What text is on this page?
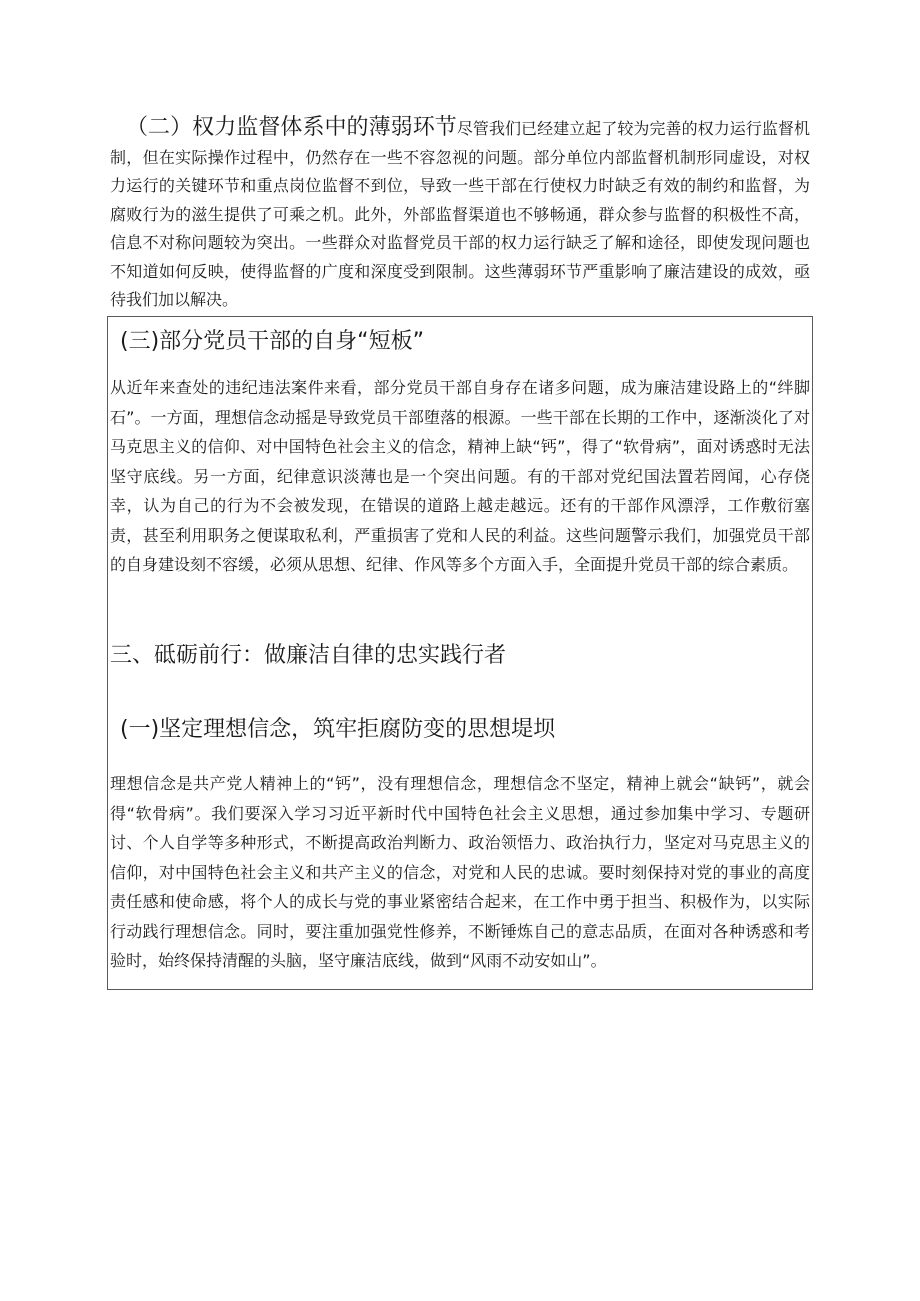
（二）权力监督体系中的薄弱环节尽管我们已经建立起了较为完善的权力运行监督机制，但在实际操作过程中，仍然存在一些不容忽视的问题。部分单位内部监督机制形同虚设，对权力运行的关键环节和重点岗位监督不到位，导致一些干部在行使权力时缺乏有效的制约和监督，为腐败行为的滋生提供了可乘之机。此外，外部监督渠道也不够畅通，群众参与监督的积极性不高，信息不对称问题较为突出。一些群众对监督党员干部的权力运行缺乏了解和途径，即使发现问题也不知道如何反映，使得监督的广度和深度受到限制。这些薄弱环节严重影响了廉洁建设的成效，亟待我们加以解决。
(三)部分党员干部的自身“短板”
从近年来查处的违纪违法案件来看，部分党员干部自身存在诸多问题，成为廉洁建设路上的“绊脚石”。一方面，理想信念动摇是导致党员干部堕落的根源。一些干部在长期的工作中，逐渐淡化了对马克思主义的信仰、对中国特色社会主义的信念，精神上缺“钙”，得了“软骨病”，面对诱惑时无法坚守底线。另一方面，纪律意识淡薄也是一个突出问题。有的干部对党纪国法置若罔闻，心存侥幸，认为自己的行为不会被发现，在错误的道路上越走越远。还有的干部作风漂浮，工作敷衍塞责，甚至利用职务之便谋取私利，严重损害了党和人民的利益。这些问题警示我们，加强党员干部的自身建设刻不容缓，必须从思想、纪律、作风等多个方面入手，全面提升党员干部的综合素质。
三、砥砺前行：做廉洁自律的忠实践行者
(一)坚定理想信念，筑牢拒腐防变的思想堤坝
理想信念是共产党人精神上的“钙”，没有理想信念，理想信念不坚定，精神上就会“缺钙”，就会得“软骨病”。我们要深入学习习近平新时代中国特色社会主义思想，通过参加集中学习、专题研讨、个人自学等多种形式，不断提高政治判断力、政治领悟力、政治执行力，坚定对马克思主义的信仰，对中国特色社会主义和共产主义的信念，对党和人民的忠诚。要时刻保持对党的事业的高度责任感和使命感，将个人的成长与党的事业紧密结合起来，在工作中勇于担当、积极作为，以实际行动践行理想信念。同时，要注重加强党性修养，不断锤炼自己的意志品质，在面对各种诱惑和考验时，始终保持清醒的头脑，坚守廉洁底线，做到“风雨不动安如山”。
